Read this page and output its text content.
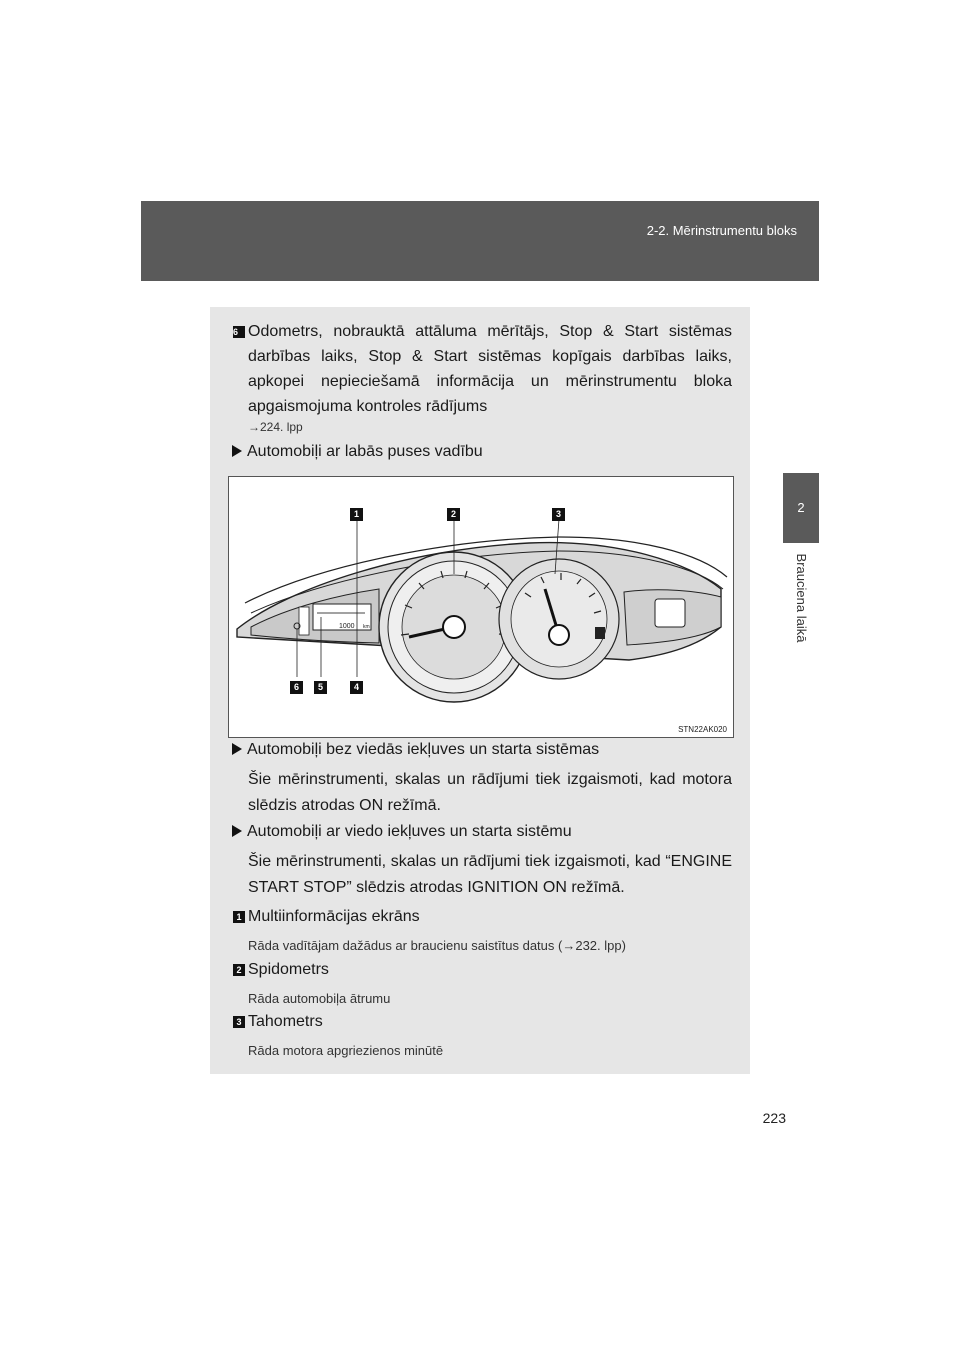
2-2. Mērinstrumentu bloks
2
Brauciena laikā
6 Odometrs, nobrauktā attāluma mērītājs, Stop & Start sistēmas darbības laiks, Stop & Start sistēmas kopīgais darbības laiks, apkopei nepieciešamā informācija un mērinstrumentu bloka apgaismojuma kontroles rādījums
→224. lpp
Automobiļi ar labās puses vadību
1000 km
1	2	3
6	5	4
STN22AK020
Automobiļi bez viedās iekļuves un starta sistēmas
Šie mērinstrumenti, skalas un rādījumi tiek izgaismoti, kad motora slēdzis atrodas ON režīmā.
Automobiļi ar viedo iekļuves un starta sistēmu
Šie mērinstrumenti, skalas un rādījumi tiek izgaismoti, kad “ENGINE START STOP” slēdzis atrodas IGNITION ON režīmā.
1 Multiinformācijas ekrāns
Rāda vadītājam dažādus ar braucienu saistītus datus (→232. lpp)
2 Spidometrs
Rāda automobiļa ātrumu
3 Tahometrs
Rāda motora apgriezienos minūtē
223
